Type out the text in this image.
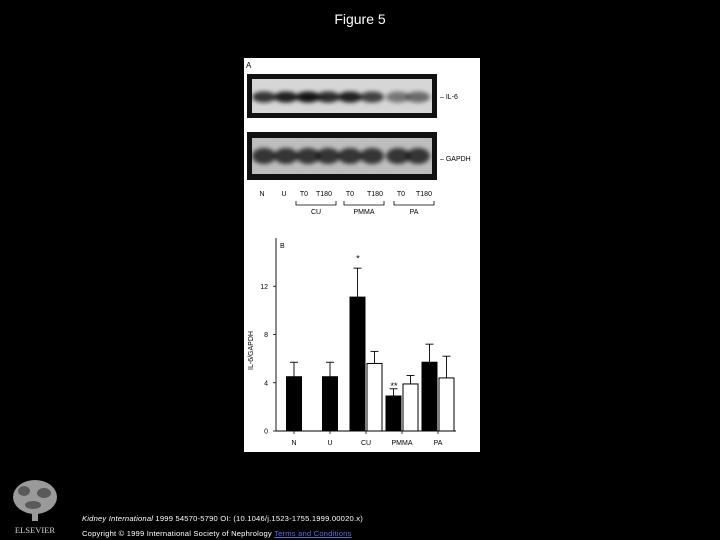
Figure 5
A
– IL-6
– GAPDH
N U T0 T180 T0 T180 T0 T180
CU	PMMA	PA
B
0
4
8
12
IL-6/GAPDH
N	U	CU	PMMA	PA
*
**
ELSEVIER
Kidney International 1999 54570-5790 OI: (10.1046/j.1523-1755.1999.00020.x)
Copyright © 1999 International Society of Nephrology Terms and Conditions
